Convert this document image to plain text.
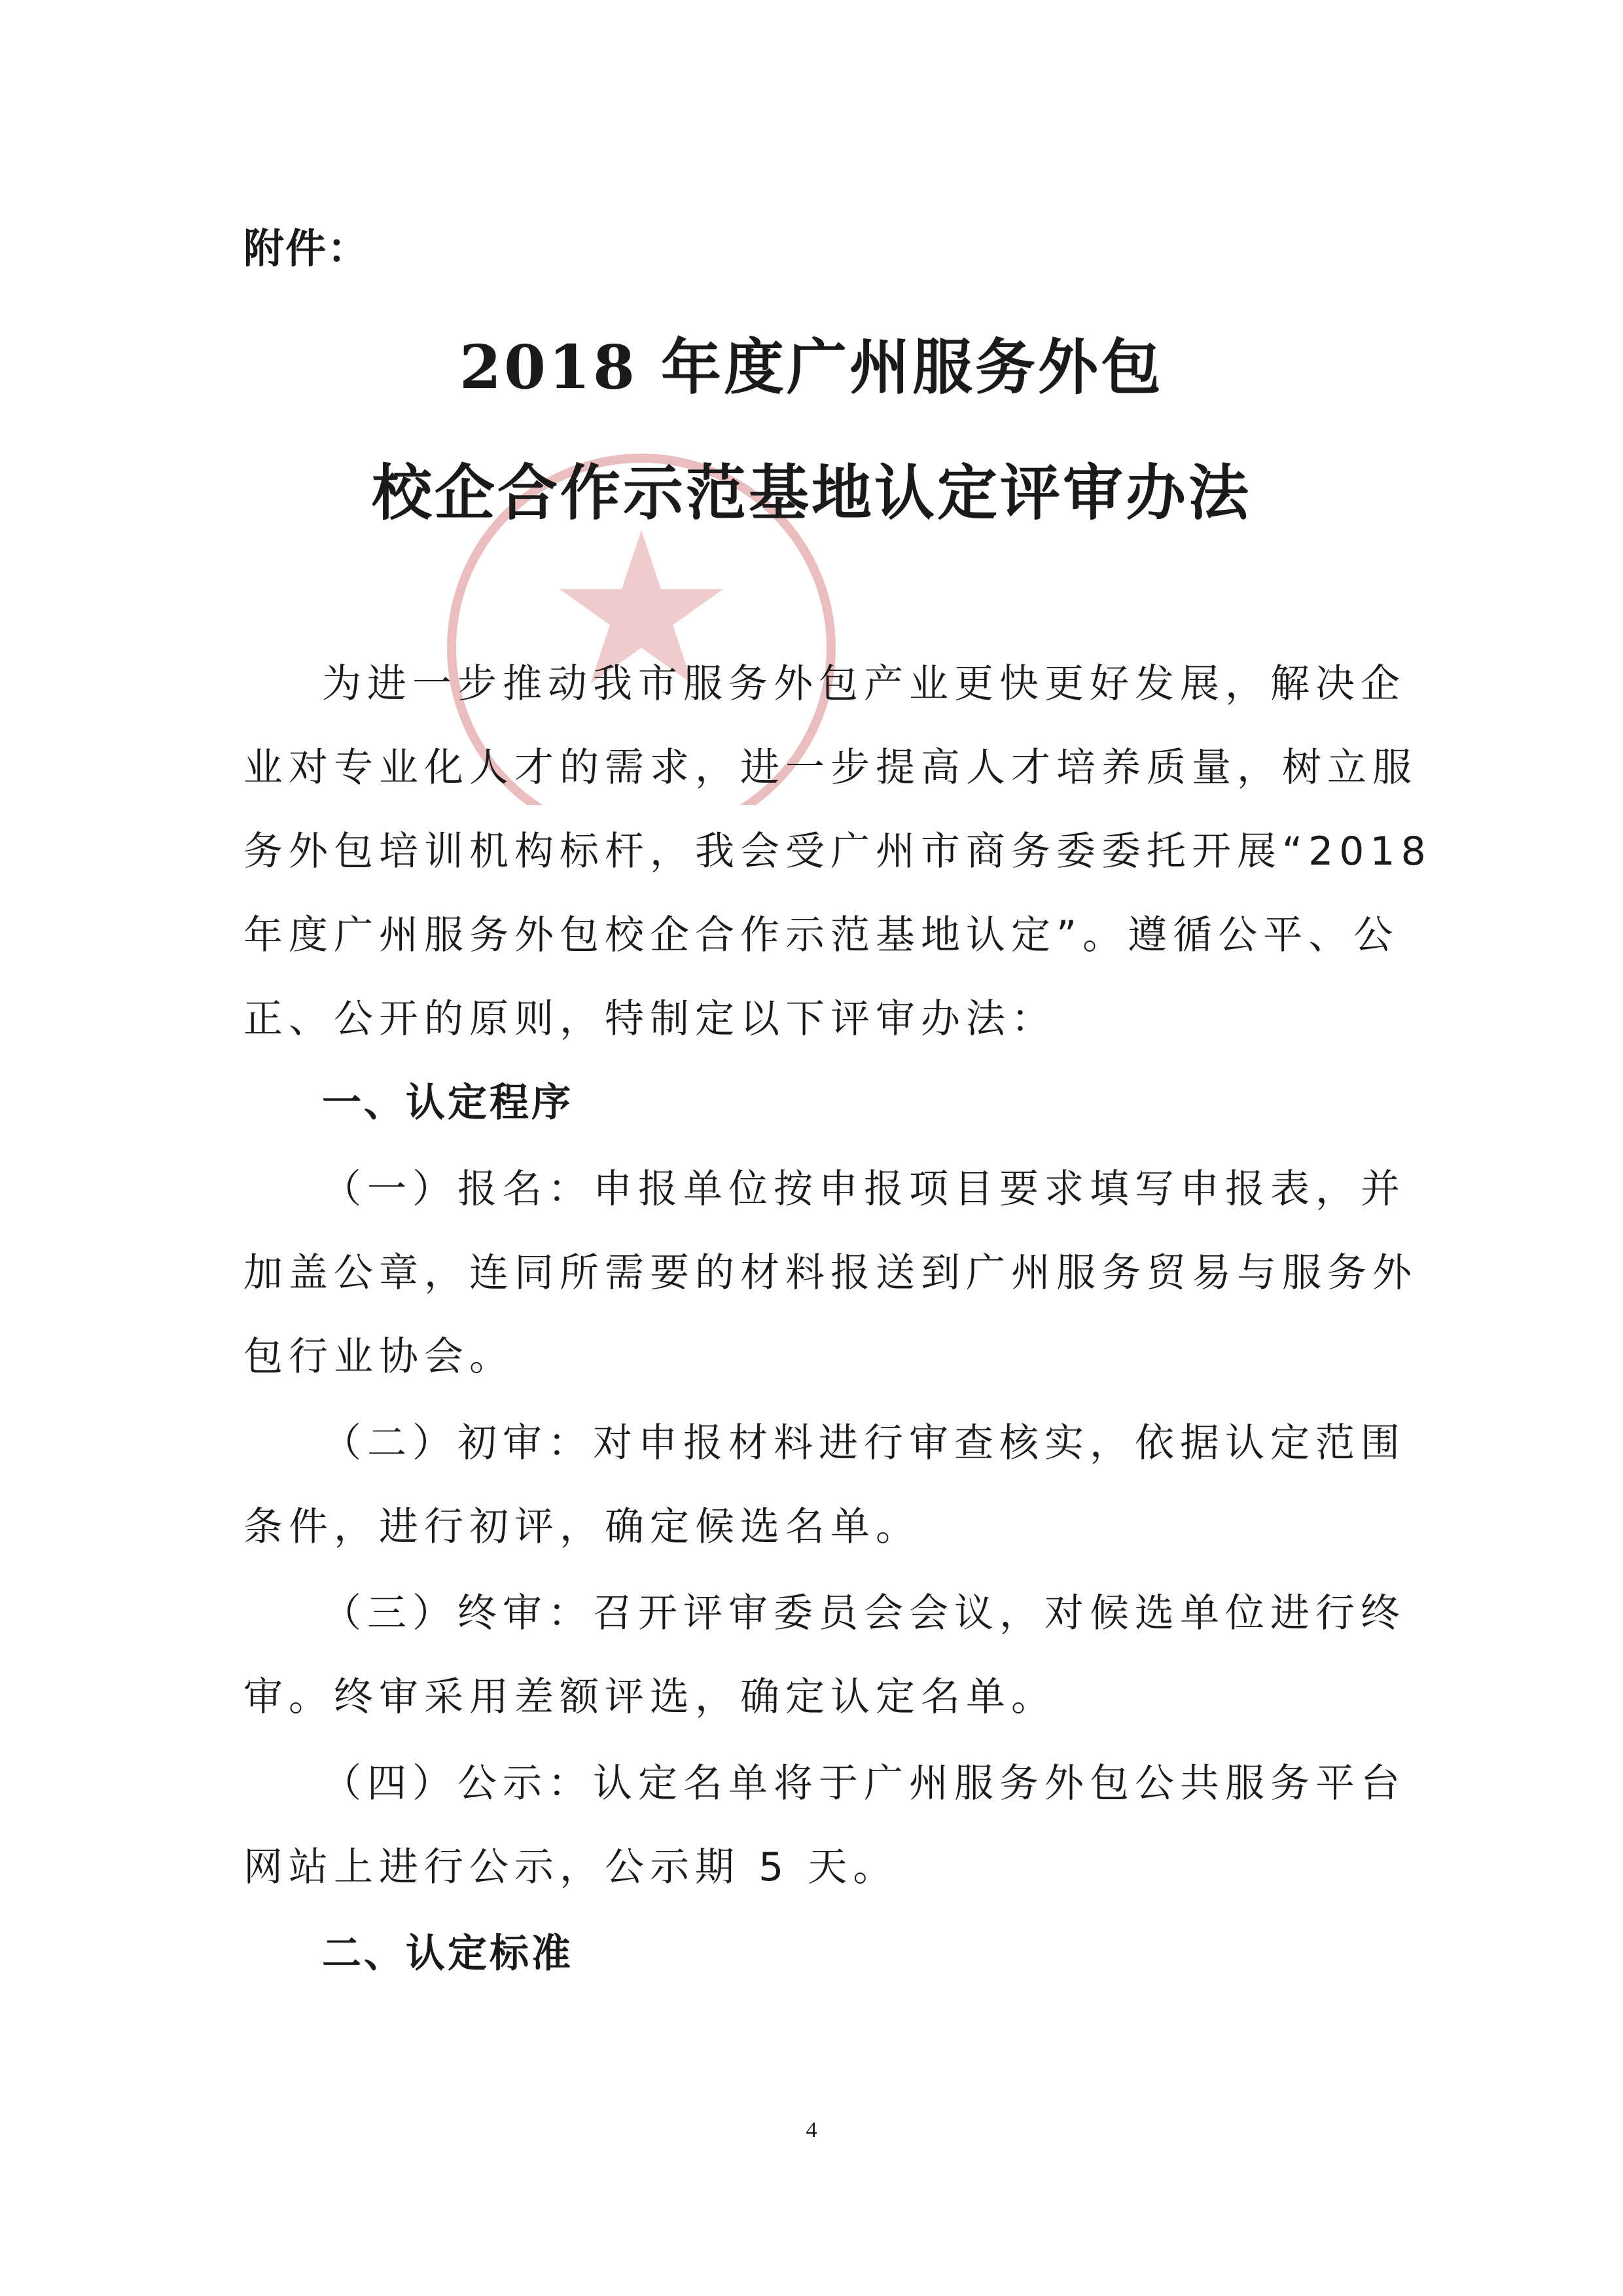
附件：
2018 年度广州服务外包
校企合作示范基地认定评审办法
为进一步推动我市服务外包产业更快更好发展，解决企
业对专业化人才的需求，进一步提高人才培养质量，树立服
务外包培训机构标杆，我会受广州市商务委委托开展“2018
年度广州服务外包校企合作示范基地认定”。遵循公平、公
正、公开的原则，特制定以下评审办法：
一、认定程序
（一）报名：申报单位按申报项目要求填写申报表，并
加盖公章，连同所需要的材料报送到广州服务贸易与服务外
包行业协会。
（二）初审：对申报材料进行审查核实，依据认定范围
条件，进行初评，确定候选名单。
（三）终审：召开评审委员会会议，对候选单位进行终
审。终审采用差额评选，确定认定名单。
（四）公示：认定名单将于广州服务外包公共服务平台
网站上进行公示，公示期 5 天。
二、认定标准
4
